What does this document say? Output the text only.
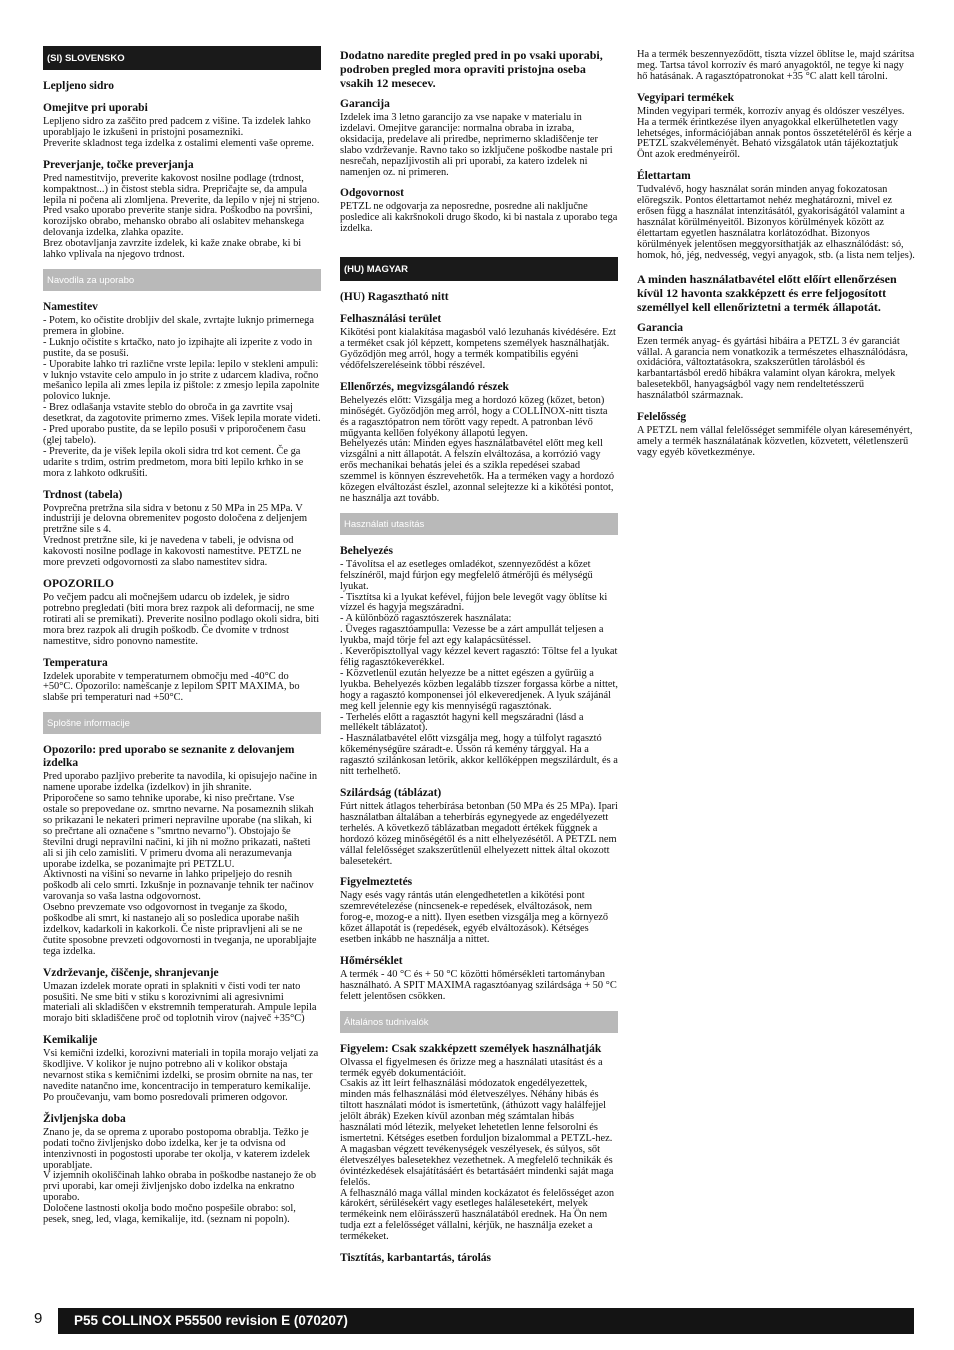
(SI) SLOVENSKO
Lepljeno sidro
Omejitve pri uporabi

Lepljeno sidro za zaščito pred padcem z višine. Ta izdelek lahko uporabljajo le izkušeni in pristojni posamezniki.
Preverite skladnost tega izdelka z ostalimi elementi vaše opreme.

Preverjanje, točke preverjanja

Pred namestitvijo, preverite kakovost nosilne podlage (trdnost, kompaktnost...) in čistost stebla sidra. Prepričajte se, da ampula lepila ni počena ali zlomljena. Preverite, da lepilo v njej ni strjeno.
Pred vsako uporabo preverite stanje sidra. Poškodbo na površini, korozijsko obrabo, mehansko obrabo ali oslabitev mehanskega delovanja izdelka, zlahka opazite.
Brez obotavljanja zavrzite izdelek, ki kaže znake obrabe, ki bi lahko vplivala na njegovo trdnost.

Navodila za uporabo
Namestitev

- Potem, ko očistite drobljiv del skale, zvrtajte luknjo primernega premera in globine.
- Luknjo očistite s krtačko, nato jo izpihajte ali izperite z vodo in pustite, da se posuši.
- Uporabite lahko tri različne vrste lepila: lepilo v stekleni ampuli: v luknjo vstavite celo ampulo in jo strite z udarcem kladiva, ročno mešanico lepila ali zmes lepila iz pištole: z zmesjo lepila zapolnite polovico luknje.
- Brez odlašanja vstavite steblo do obroča in ga zavrtite vsaj desetkrat, da zagotovite primerno zmes. Višek lepila morate videti.
- Pred uporabo pustite, da se lepilo posuši v priporočenem času (glej tabelo).
- Preverite, da je višek lepila okoli sidra trd kot cement. Če ga udarite s trdim, ostrim predmetom, mora biti lepilo krhko in se mora z lahkoto odkrušiti.

Trdnost (tabela)

Povprečna pretržna sila sidra v betonu z 50 MPa in 25 MPa. V industriji je delovna obremenitev pogosto določena z deljenjem pretržne sile s 4.
Vrednost pretržne sile, ki je navedena v tabeli, je odvisna od kakovosti nosilne podlage in kakovosti namestitve. PETZL ne more prevzeti odgovornosti za slabo namestitev sidra.

OPOZORILO

Po večjem padcu ali močnejšem udarcu ob izdelek, je sidro potrebno pregledati (biti mora brez razpok ali deformacij, ne sme rotirati ali se premikati). Preverite nosilno podlago okoli sidra, biti mora brez razpok ali drugih poškodb. Če dvomite v trdnost namestitve, sidro ponovno namestite.

Temperatura

Izdelek uporabite v temperaturnem območju med -40°C do +50°C. Opozorilo: namešcanje z lepilom SPIT MAXIMA, bo slabše pri temperaturi nad +50°C.

Splošne informacije
Opozorilo: pred uporabo se seznanite z delovanjem izdelka

Pred uporabo pazljivo preberite ta navodila, ki opisujejo načine in namene uporabe izdelka (izdelkov) in jih shranite.
Priporočene so samo tehnike uporabe, ki niso prečrtane. Vse ostale so prepovedane oz. smrtno nevarne. Na posameznih slikah so prikazani le nekateri primeri nepravilne uporabe (na slikah, ki so prečrtane ali označene s "smrtno nevarno"). Obstojajo še številni drugi nepravilni načini, ki jih ni možno prikazati, našteti ali si jih celo zamisliti. V primeru dvoma ali nerazumevanja uporabe izdelka, se pozanimajte pri PETZLU.
Aktivnosti na višini so nevarne in lahko pripeljejo do resnih poškodb ali celo smrti. Izkušnje in poznavanje tehnik ter načinov varovanja so vaša lastna odgovornost.
Osebno prevzemate vso odgovornost in tveganje za škodo, poškodbe ali smrt, ki nastanejo ali so posledica uporabe naših izdelkov, kadarkoli in kakorkoli. Če niste pripravljeni ali se ne čutite sposobne prevzeti odgovornosti in tveganja, ne uporabljajte tega izdelka.

Vzdrževanje, čiščenje, shranjevanje

Umazan izdelek morate oprati in splakniti v čisti vodi ter nato posušiti. Ne sme biti v stiku s korozivnimi ali agresivnimi materiali ali skladiščen v ekstremnih temperaturah. Ampule lepila morajo biti skladiščene proč od toplotnih virov (največ +35°C)

Kemikalije

Vsi kemični izdelki, korozivni materiali in topila morajo veljati za škodljive. V kolikor je nujno potrebno ali v kolikor obstaja nevarnost stika s kemičnimi izdelki, se prosim obrnite na nas, ter navedite natančno ime, koncentracijo in temperaturo kemikalije. Po proučevanju, vam bomo posredovali primeren odgovor.

Življenjska doba

Znano je, da se oprema z uporabo postopoma obrablja. Težko je podati točno življenjsko dobo izdelka, ker je ta odvisna od intenzivnosti in pogostosti uporabe ter okolja, v katerem izdelek uporabljate.
V izjemnih okoliščinah lahko obraba in poškodbe nastanejo že ob prvi uporabi, kar omeji življenjsko dobo izdelka na enkratno uporabo.
Določene lastnosti okolja bodo močno pospešile obrabo: sol, pesek, sneg, led, vlaga, kemikalije, itd. (seznam ni popoln).

Dodatno naredite pregled pred in po vsaki uporabi, podroben pregled mora opraviti pristojna oseba vsakih 12 mesecev.
Garancija

Izdelek ima 3 letno garancijo za vse napake v materialu in izdelavi. Omejitve garancije: normalna obraba in izraba, oksidacija, predelave ali priredbe, neprimerno skladiščenje ter slabo vzdrževanje. Ravno tako so izključene poškodbe nastale pri nesrečah, nepazljivostih ali pri uporabi, za katero izdelek ni namenjen oz. ni primeren.

Odgovornost

PETZL ne odgovarja za neposredne, posredne ali naključne posledice ali kakršnokoli drugo škodo, ki bi nastala z uporabo tega izdelka.

(HU) MAGYAR
(HU) Ragasztható nitt
Felhasználási terület

Kikötési pont kialakítása magasból való lezuhanás kivédésére. Ezt a terméket csak jól képzett, kompetens személyek használhatják. Győződjön meg arról, hogy a termék kompatibilis egyéni védőfelszereléseink többi részével.

Ellenőrzés, megvizsgálandó részek

Behelyezés előtt: Vizsgálja meg a hordozó közeg (kőzet, beton) minőségét. Győződjön meg arról, hogy a COLLINOX-nitt tiszta és a ragasztópatron nem törött vagy repedt. A patronban lévő műgyanta kellően folyékony állapotú legyen.
Behelyezés után: Minden egyes használatbavétel előtt meg kell vizsgálni a nitt állapotát. A felszín elváltozása, a korrózió vagy erős mechanikai behatás jelei és a szikla repedései szabad szemmel is könnyen észrevehetők. Ha a terméken vagy a hordozó közegen elváltozást észlel, azonnal selejtezze ki a kikötési pontot, ne használja azt tovább.

Használati utasítás
Behelyezés

- Távolítsa el az esetleges omladékot, szennyeződést a kőzet felszínéről, majd fúrjon egy megfelelő átmérőjű és mélységű lyukat.
- Tisztítsa ki a lyukat kefével, fújjon bele levegőt vagy öblítse ki vízzel és hagyja megszáradni.
- A különböző ragasztószerek használata:
. Üveges ragasztóampulla: Vezesse be a zárt ampullát teljesen a lyukba, majd törje fel azt egy kalapácsütéssel.
. Keverőpisztollyal vagy kézzel kevert ragasztó: Töltse fel a lyukat félig ragasztókeverékkel.
- Közvetlenül ezután helyezze be a nittet egészen a gyűrűig a lyukba. Behelyezés közben legalább tízszer forgassa körbe a nittet, hogy a ragasztó komponensei jól elkeveredjenek. A lyuk szájánál meg kell jelennie egy kis mennyiségű ragasztónak.
- Terhelés előtt a ragasztót hagyni kell megszáradni (lásd a mellékelt táblázatot).
- Használatbavétel előtt vizsgálja meg, hogy a túlfolyt ragasztó kőkeménységűre száradt-e. Ússön rá kemény tárggyal. Ha a ragasztó szilánkosan letörik, akkor kellőképpen megszilárdult, és a nitt terhelhető.

Szilárdság (táblázat)

Fúrt nittek átlagos teherbírása betonban (50 MPa és 25 MPa). Ipari használatban általában a teherbírás egynegyede az engedélyezett terhelés. A következő táblázatban megadott értékek függnek a hordozó közeg minőségétől és a nitt elhelyezésétől. A PETZL nem vállal felelősséget szakszerűtlenül elhelyezett nittek által okozott balesetekért.

Figyelmeztetés

Nagy esés vagy rántás után elengedhetetlen a kikötési pont szemrevételezése (nincsenek-e repedések, elváltozások, nem forog-e, mozog-e a nitt). Ilyen esetben vizsgálja meg a környező kőzet állapotát is (repedések, egyéb elváltozások). Kétséges esetben inkább ne használja a nittet.

Hőmérséklet

A termék - 40 °C és + 50 °C közötti hőmérsékleti tartományban használható. A SPIT MAXIMA ragasztóanyag szilárdsága + 50 °C felett jelentősen csökken.

Általános tudnivalók
Figyelem: Csak szakképzett személyek használhatják

Olvassa el figyelmesen és őrizze meg a használati utasítást és a termék egyéb dokumentációit.
Csakis az itt leírt felhasználási módozatok engedélyezettek, minden más felhasználási mód életveszélyes. Néhány hibás és tiltott használati módot is ismertetünk, (áthúzott vagy halálfejjel jelölt ábrák) Ezeken kívül azonban még számtalan hibás használati mód létezik, melyeket lehetetlen lenne felsorolni és ismertetni. Kétséges esetben forduljon bizalommal a PETZL-hez.
A magasban végzett tevékenységek veszélyesek, és súlyos, sőt életveszélyes balesetekhez vezethetnek. A megfelelő technikák és óvintézkedések elsajátításáért és betartásáért mindenki saját maga felelős.
A felhasználó maga vállal minden kockázatot és felelősséget azon károkért, sérülésekért vagy esetleges halálesetekért, melyek termékeink nem előirásszerű használatából erednek. Ha Ön nem tudja ezt a felelősséget vállalni, kérjük, ne használja ezeket a termékeket.

Tisztítás, karbantartás, tárolás

Ha a termék beszennyeződött, tiszta vízzel öblítse le, majd szárítsa meg. Tartsa távol korrozív és maró anyagoktól, ne tegye ki nagy hő hatásának. A ragasztópatronokat +35 °C alatt kell tárolni.

Vegyipari termékek

Minden vegyipari termék, korrozív anyag és oldószer veszélyes. Ha a termék érintkezése ilyen anyagokkal elkerülhetetlen vagy lehetséges, információjában annak pontos összetételéről és kérje a PETZL szakvéleményét. Beható vizsgálatok után tájékoztatjuk Önt azok eredményeiről.

Élettartam

Tudvalévő, hogy használat során minden anyag fokozatosan elöregszik. Pontos élettartamot nehéz meghatározni, mivel ez erősen függ a használat intenzitásától, gyakoriságától valamint a használat körülményeitől. Bizonyos körülmények között az élettartam egyetlen használatra korlátozódhat. Bizonyos körülmények jelentősen meggyorsíthatják az elhasználódást: só, homok, hó, jég, nedvesség, vegyi anyagok, stb. (a lista nem teljes).

A minden használatbavétel előtt előírt ellenőrzésen kívül 12 havonta szakképzett és erre feljogosított személlyel kell ellenőriztetni a termék állapotát.
Garancia

Ezen termék anyag- és gyártási hibáira a PETZL 3 év garanciát vállal. A garancia nem vonatkozik a természetes elhasználódásra, oxidációra, változtatásokra, szakszerűtlen tárolásból és karbantartásból eredő hibákra valamint olyan károkra, melyek balesetekből, hanyagságból vagy nem rendeltetésszerű használatból származnak.

Felelősség

A PETZL nem vállal felelősséget semmiféle olyan káreseményért, amely a termék használatának közvetlen, közvetett, véletlenszerű vagy egyéb következménye.

9 P55 COLLINOX P55500 revision E (070207)
